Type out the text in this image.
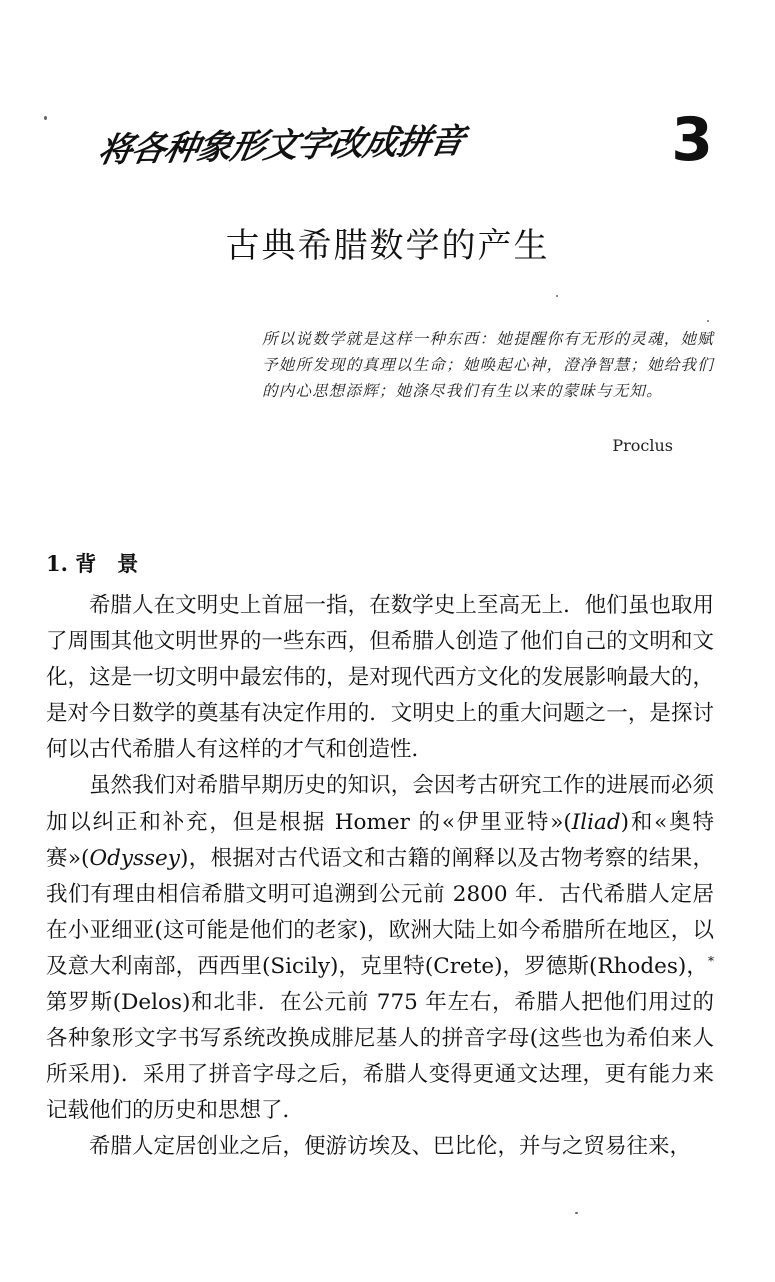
将各种象形文字改成拼音	3
古典希腊数学的产生
所以说数学就是这样一种东西：她提醒你有无形的灵魂，她赋予她所发现的真理以生命；她唤起心神，澄净智慧；她给我们的内心思想添辉；她涤尽我们有生以来的蒙昧与无知。
Proclus
1. 背　景

希腊人在文明史上首屈一指，在数学史上至高无上．他们虽也取用了周围其他文明世界的一些东西，但希腊人创造了他们自己的文明和文化，这是一切文明中最宏伟的，是对现代西方文化的发展影响最大的，是对今日数学的奠基有决定作用的．文明史上的重大问题之一，是探讨何以古代希腊人有这样的才气和创造性．

虽然我们对希腊早期历史的知识，会因考古研究工作的进展而必须加以纠正和补充，但是根据 Homer 的«伊里亚特»(Iliad)和«奥特赛»(Odyssey)，根据对古代语文和古籍的阐释以及古物考察的结果，我们有理由相信希腊文明可追溯到公元前 2800 年．古代希腊人定居在小亚细亚(这可能是他们的老家)，欧洲大陆上如今希腊所在地区，以及意大利南部，西西里(Sicily)，克里特(Crete)，罗德斯(Rhodes)，*第罗斯(Delos)和北非．在公元前 775 年左右，希腊人把他们用过的各种象形文字书写系统改换成腓尼基人的拼音字母(这些也为希伯来人所采用)．采用了拼音字母之后，希腊人变得更通文达理，更有能力来记载他们的历史和思想了．

希腊人定居创业之后，便游访埃及、巴比伦，并与之贸易往来，
